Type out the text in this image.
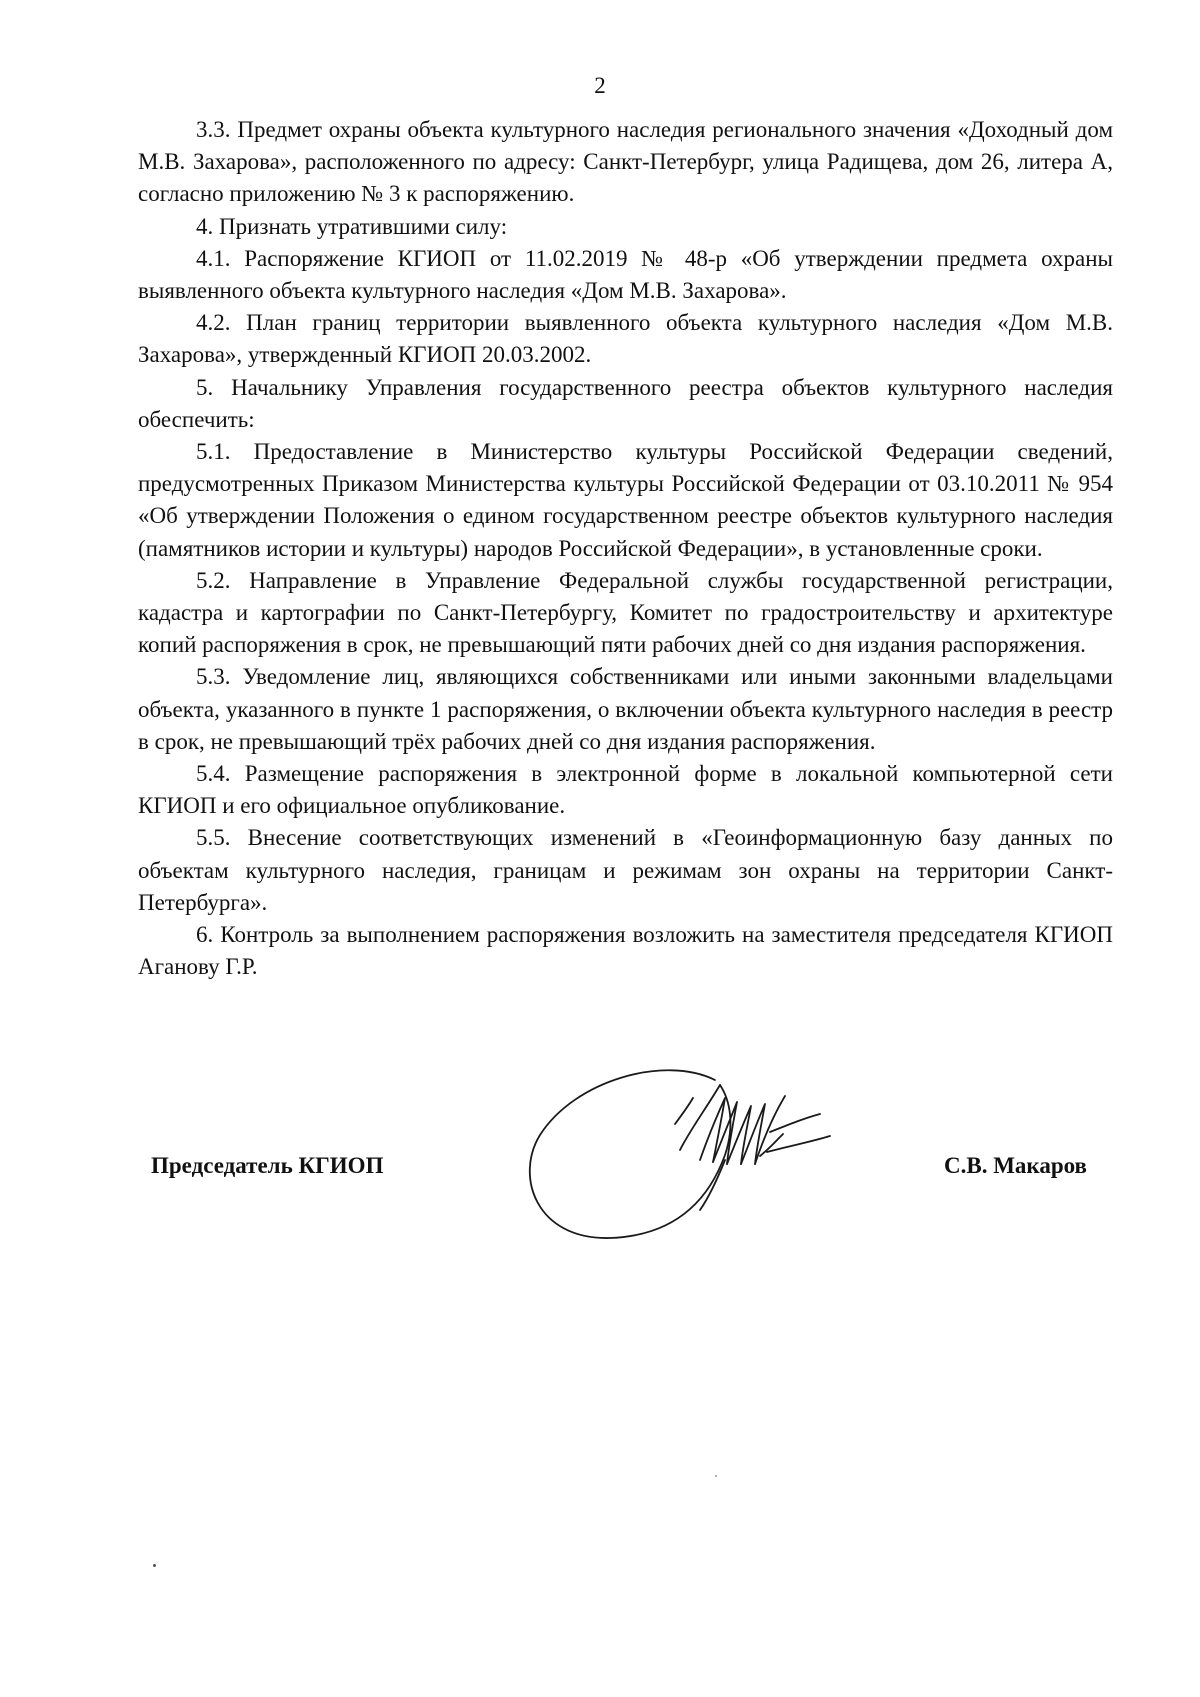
2

3.3. Предмет охраны объекта культурного наследия регионального значения «Доходный дом М.В. Захарова», расположенного по адресу: Санкт-Петербург, улица Радищева, дом 26, литера А, согласно приложению № 3 к распоряжению.

4. Признать утратившими силу:

4.1. Распоряжение КГИОП от 11.02.2019 № 48-р «Об утверждении предмета охраны выявленного объекта культурного наследия «Дом М.В. Захарова».

4.2. План границ территории выявленного объекта культурного наследия «Дом М.В. Захарова», утвержденный КГИОП 20.03.2002.

5. Начальнику Управления государственного реестра объектов культурного наследия обеспечить:

5.1. Предоставление в Министерство культуры Российской Федерации сведений, предусмотренных Приказом Министерства культуры Российской Федерации от 03.10.2011 № 954 «Об утверждении Положения о едином государственном реестре объектов культурного наследия (памятников истории и культуры) народов Российской Федерации», в установленные сроки.

5.2. Направление в Управление Федеральной службы государственной регистрации, кадастра и картографии по Санкт-Петербургу, Комитет по градостроительству и архитектуре копий распоряжения в срок, не превышающий пяти рабочих дней со дня издания распоряжения.

5.3. Уведомление лиц, являющихся собственниками или иными законными владельцами объекта, указанного в пункте 1 распоряжения, о включении объекта культурного наследия в реестр в срок, не превышающий трёх рабочих дней со дня издания распоряжения.

5.4. Размещение распоряжения в электронной форме в локальной компьютерной сети КГИОП и его официальное опубликование.

5.5. Внесение соответствующих изменений в «Геоинформационную базу данных по объектам культурного наследия, границам и режимам зон охраны на территории Санкт-Петербурга».

6. Контроль за выполнением распоряжения возложить на заместителя председателя КГИОП Аганову Г.Р.

Председатель КГИОП	С.В. Макаров
